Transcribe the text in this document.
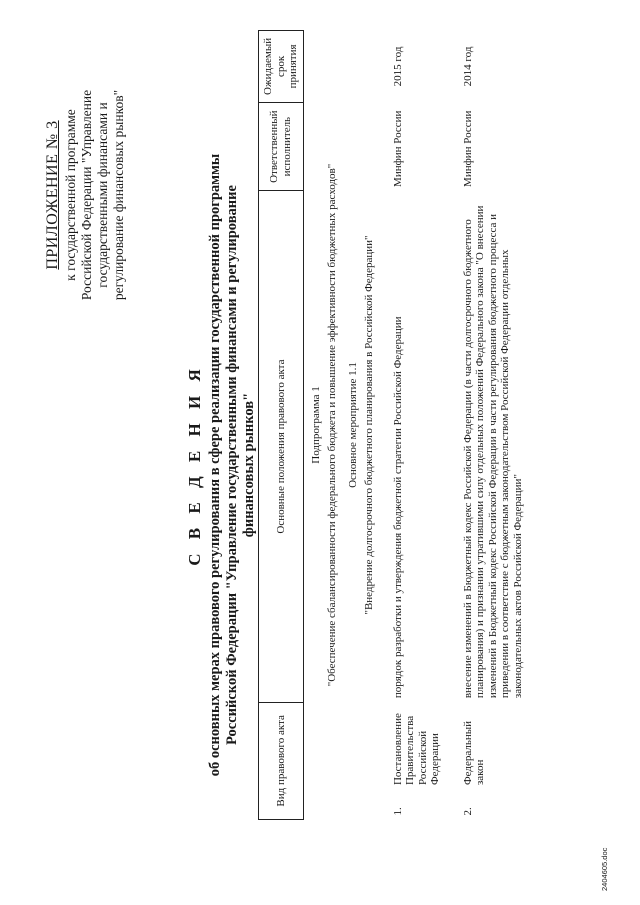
ПРИЛОЖЕНИЕ № 3 к государственной программе Российской Федерации "Управление государственными финансами и регулирование финансовых рынков"
С В Е Д Е Н И Я об основных мерах правового регулирования в сфере реализации государственной программы Российской Федерации "Управление государственными финансами и регулирование финансовых рынков"
Вид правового акта		Основные положения правового акта	Ответственный исполнитель	Ожидаемый срок принятия
Подпрограмма 1				
"Обеспечение сбалансированности федерального бюджета и повышение эффективности бюджетных расходов"				
Основное мероприятие 1.1				
"Внедрение долгосрочного бюджетного планирования в Российской Федерации"				
1.	Постановление Правительства Российской Федерации	порядок разработки и утверждения бюджетной стратегии Российской Федерации	Минфин России	2015 год
2.	Федеральный закон	внесение изменений в Бюджетный кодекс Российской Федерации (в части долгосрочного бюджетного планирования) и признании утратившими силу отдельных положений Федерального закона "О внесении изменений в Бюджетный кодекс Российской Федерации в части регулирования бюджетного процесса и приведении в соответствие с бюджетным законодательством Российской Федерации отдельных законодательных актов Российской Федерации"	Минфин России	2014 год
2404605.doc
